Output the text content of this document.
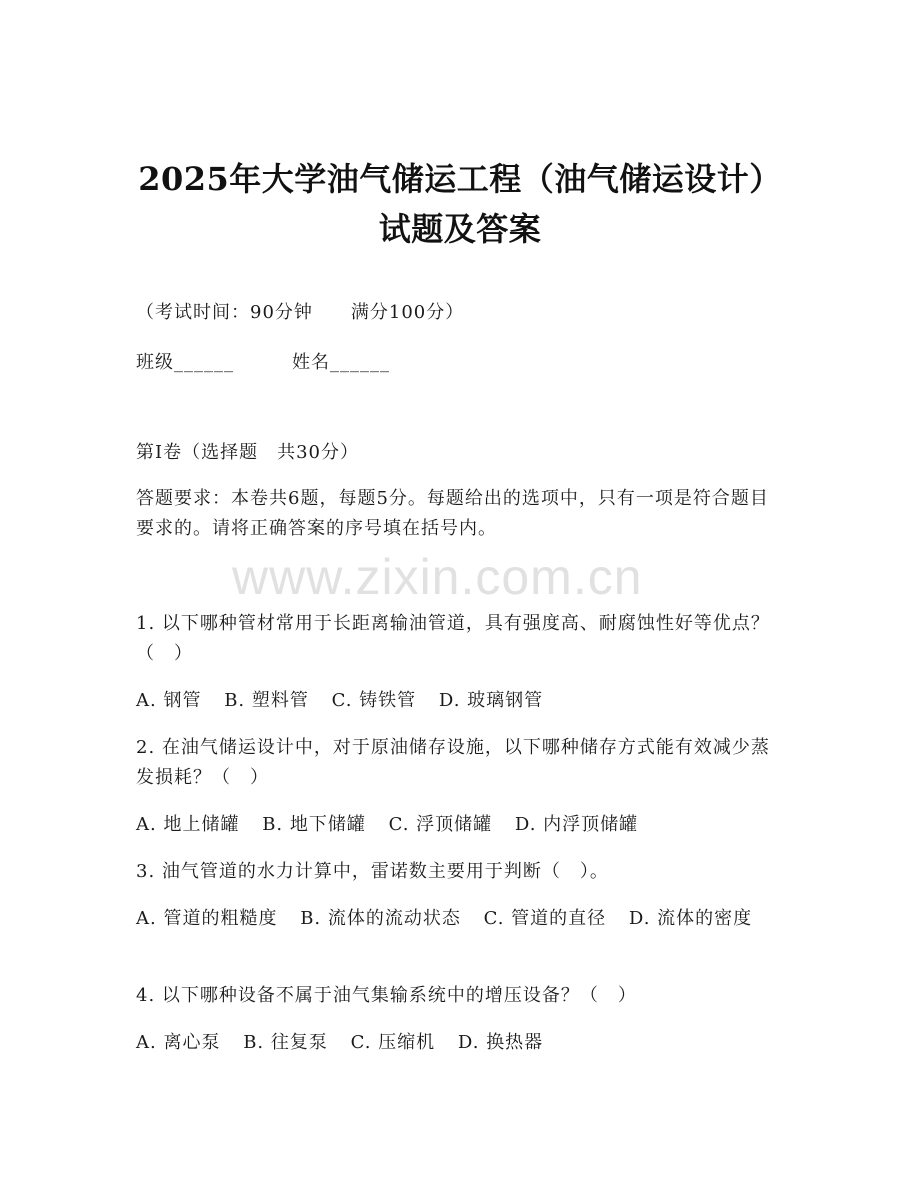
2025年大学油气储运工程（油气储运设计）
试题及答案
（考试时间：90分钟　　满分100分）
班级______	姓名______
第I卷（选择题　共30分）
答题要求：本卷共6题，每题5分。每题给出的选项中，只有一项是符合题目要求的。请将正确答案的序号填在括号内。
www.zixin.com.cn
1. 以下哪种管材常用于长距离输油管道，具有强度高、耐腐蚀性好等优点？（　）
A. 钢管 B. 塑料管 C. 铸铁管 D. 玻璃钢管
2. 在油气储运设计中，对于原油储存设施，以下哪种储存方式能有效减少蒸发损耗？（　）
A. 地上储罐 B. 地下储罐 C. 浮顶储罐 D. 内浮顶储罐
3. 油气管道的水力计算中，雷诺数主要用于判断（　）。
A. 管道的粗糙度 B. 流体的流动状态 C. 管道的直径 D. 流体的密度
4. 以下哪种设备不属于油气集输系统中的增压设备？（　）
A. 离心泵 B. 往复泵 C. 压缩机 D. 换热器
